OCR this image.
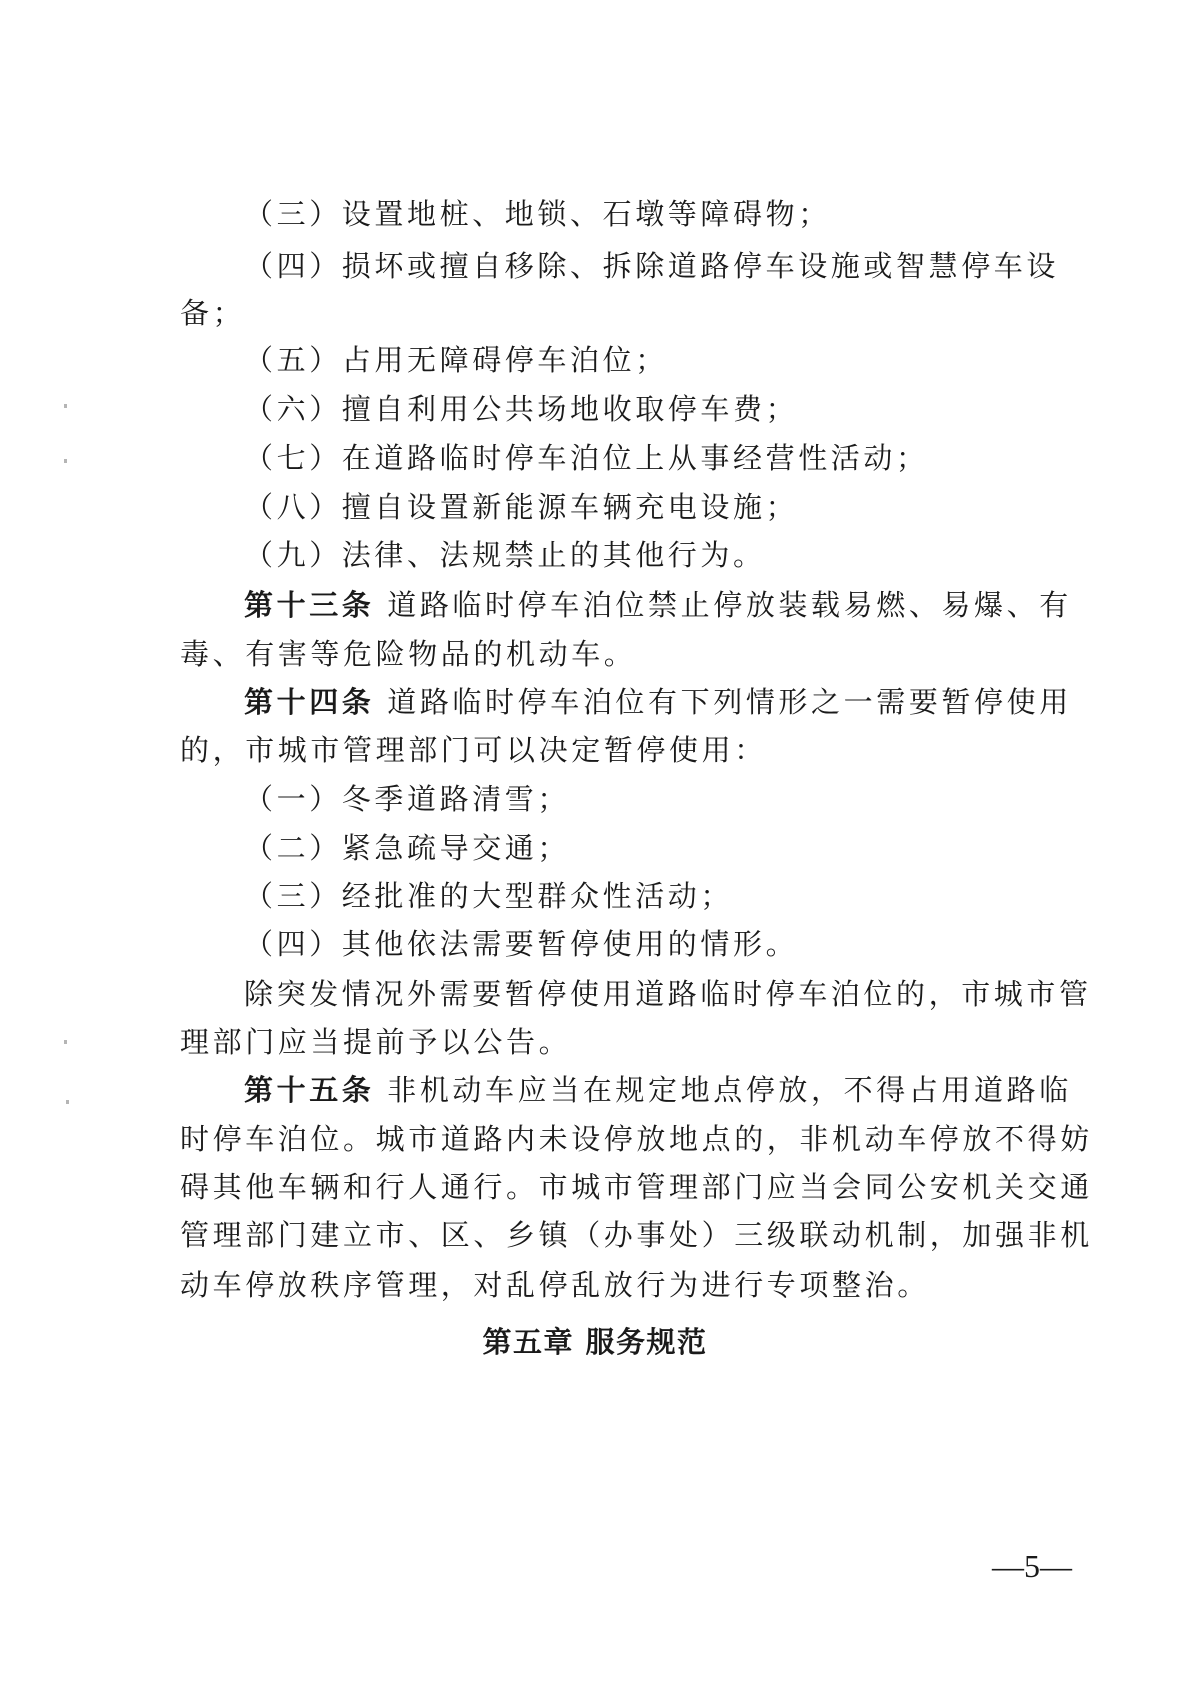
（三）设置地桩、地锁、石墩等障碍物；
（四）损坏或擅自移除、拆除道路停车设施或智慧停车设
备；
（五）占用无障碍停车泊位；
（六）擅自利用公共场地收取停车费；
（七）在道路临时停车泊位上从事经营性活动；
（八）擅自设置新能源车辆充电设施；
（九）法律、法规禁止的其他行为。
第十三条 道路临时停车泊位禁止停放装载易燃、易爆、有
毒、有害等危险物品的机动车。
第十四条 道路临时停车泊位有下列情形之一需要暂停使用
的，市城市管理部门可以决定暂停使用：
（一）冬季道路清雪；
（二）紧急疏导交通；
（三）经批准的大型群众性活动；
（四）其他依法需要暂停使用的情形。
除突发情况外需要暂停使用道路临时停车泊位的，市城市管
理部门应当提前予以公告。
第十五条 非机动车应当在规定地点停放，不得占用道路临
时停车泊位。城市道路内未设停放地点的，非机动车停放不得妨
碍其他车辆和行人通行。市城市管理部门应当会同公安机关交通
管理部门建立市、区、乡镇（办事处）三级联动机制，加强非机
动车停放秩序管理，对乱停乱放行为进行专项整治。
第五章 服务规范
—5—
